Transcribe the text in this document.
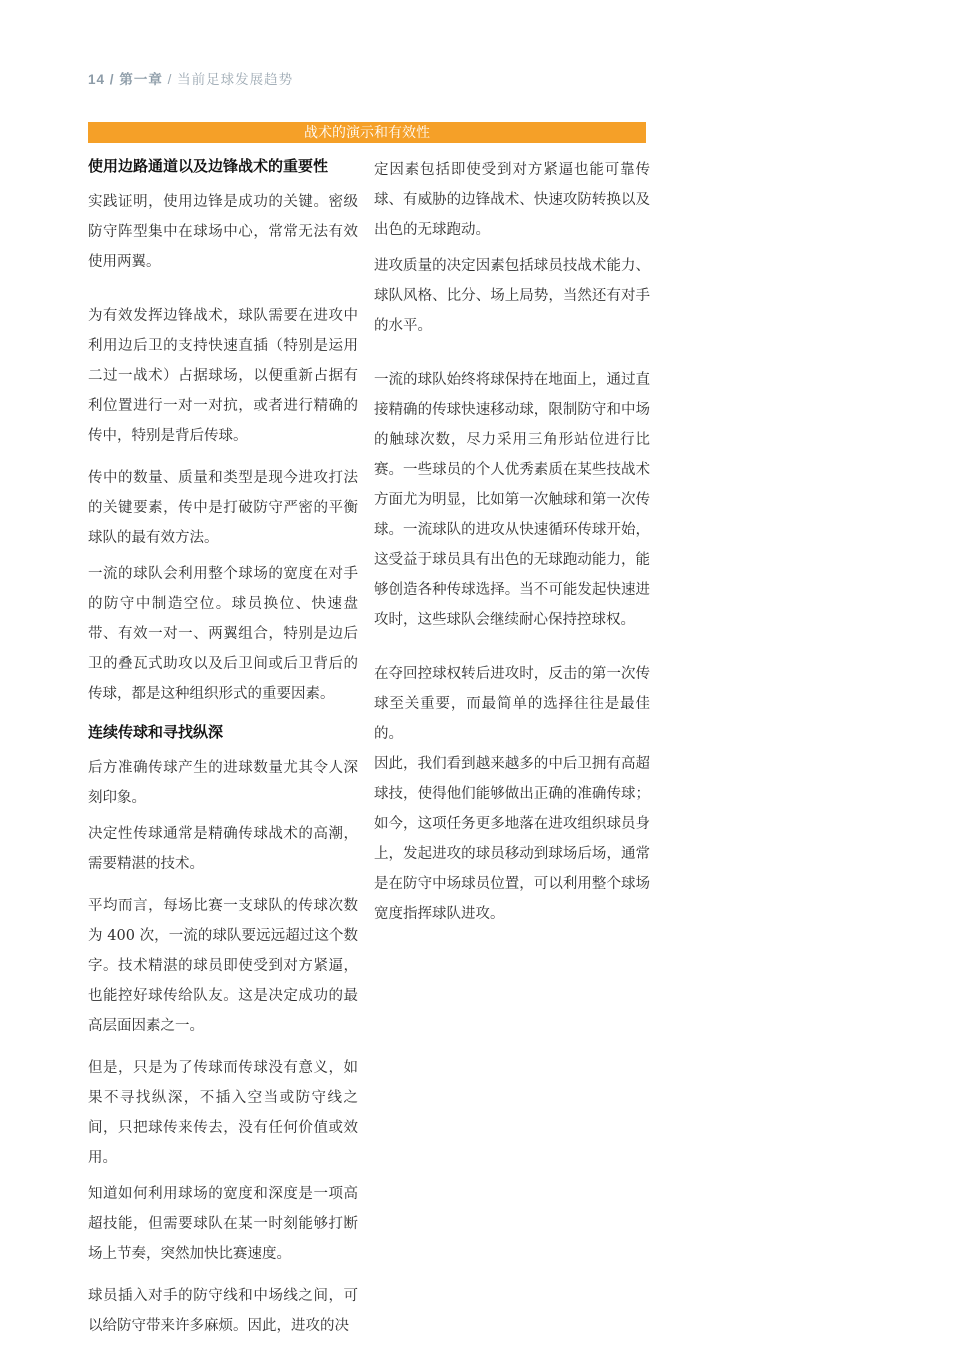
14 / 第一章 / 当前足球发展趋势
战术的演示和有效性
使用边路通道以及边锋战术的重要性

实践证明，使用边锋是成功的关键。密级防守阵型集中在球场中心，常常无法有效使用两翼。

为有效发挥边锋战术，球队需要在进攻中利用边后卫的支持快速直插（特别是运用二过一战术）占据球场，以便重新占据有利位置进行一对一对抗，或者进行精确的传中，特别是背后传球。

传中的数量、质量和类型是现今进攻打法的关键要素，传中是打破防守严密的平衡球队的最有效方法。

一流的球队会利用整个球场的宽度在对手的防守中制造空位。球员换位、快速盘带、有效一对一、两翼组合，特别是边后卫的叠瓦式助攻以及后卫间或后卫背后的传球，都是这种组织形式的重要因素。

连续传球和寻找纵深

后方准确传球产生的进球数量尤其令人深刻印象。

决定性传球通常是精确传球战术的高潮，需要精湛的技术。

平均而言，每场比赛一支球队的传球次数为 400 次，一流的球队要远远超过这个数字。技术精湛的球员即使受到对方紧逼，也能控好球传给队友。这是决定成功的最高层面因素之一。

但是，只是为了传球而传球没有意义，如果不寻找纵深，不插入空当或防守线之间，只把球传来传去，没有任何价值或效用。

知道如何利用球场的宽度和深度是一项高超技能，但需要球队在某一时刻能够打断场上节奏，突然加快比赛速度。

球员插入对手的防守线和中场线之间，可以给防守带来许多麻烦。因此，进攻的决

定因素包括即使受到对方紧逼也能可靠传球、有威胁的边锋战术、快速攻防转换以及出色的无球跑动。

进攻质量的决定因素包括球员技战术能力、球队风格、比分、场上局势，当然还有对手的水平。

一流的球队始终将球保持在地面上，通过直接精确的传球快速移动球，限制防守和中场的触球次数，尽力采用三角形站位进行比赛。一些球员的个人优秀素质在某些技战术方面尤为明显，比如第一次触球和第一次传球。一流球队的进攻从快速循环传球开始，这受益于球员具有出色的无球跑动能力，能够创造各种传球选择。当不可能发起快速进攻时，这些球队会继续耐心保持控球权。

在夺回控球权转后进攻时，反击的第一次传球至关重要，而最简单的选择往往是最佳的。

因此，我们看到越来越多的中后卫拥有高超球技，使得他们能够做出正确的准确传球；如今，这项任务更多地落在进攻组织球员身上，发起进攻的球员移动到球场后场，通常是在防守中场球员位置，可以利用整个球场宽度指挥球队进攻。
